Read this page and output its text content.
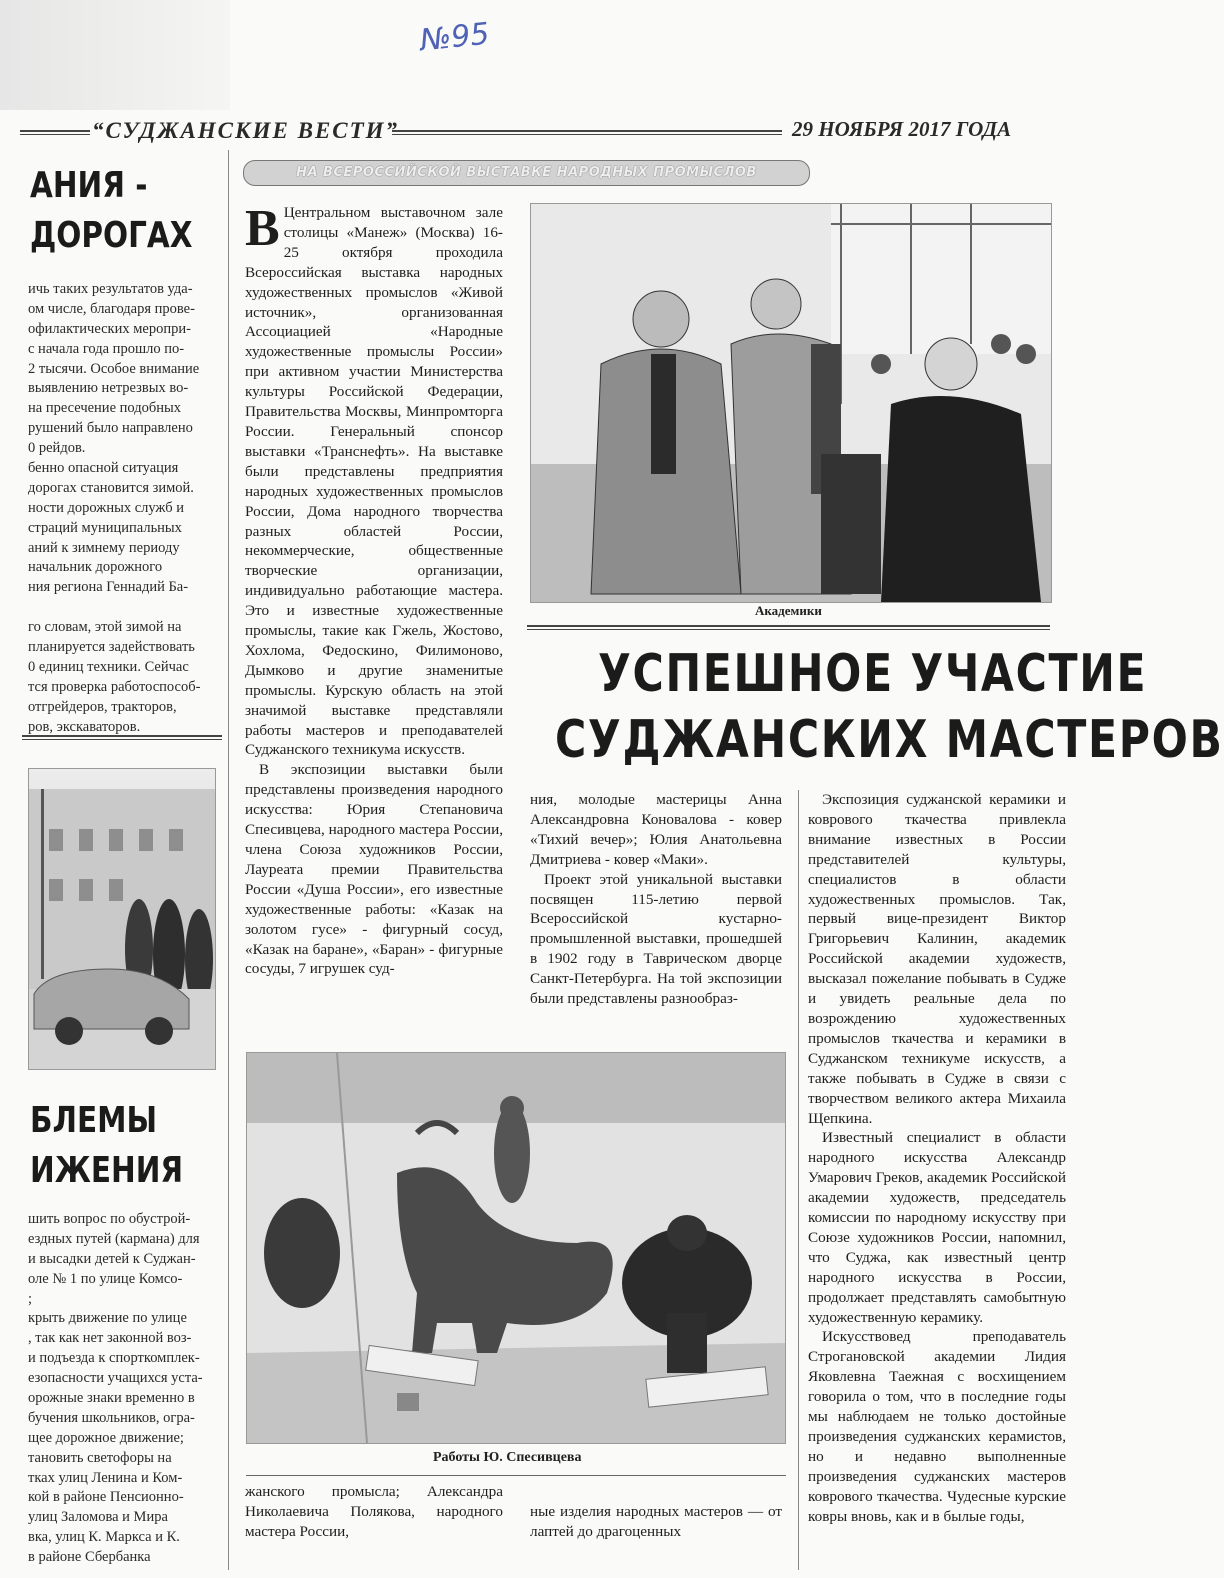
№95
“СУДЖАНСКИЕ ВЕСТИ”	29 НОЯБРЯ 2017 ГОДА
НА ВСЕРОССИЙСКОЙ ВЫСТАВКЕ НАРОДНЫХ ПРОМЫСЛОВ
АНИЯ -
ДОРОГАХ
ичь таких результатов уда-
ом числе, благодаря прове-
офилактических меропри-
с начала года прошло по-
2 тысячи. Особое внимание
выявлению нетрезвых во-
на пресечение подобных
рушений было направлено
0 рейдов.
бенно опасной ситуация
дорогах становится зимой.
ности дорожных служб и
страций муниципальных
аний к зимнему периоду
начальник дорожного
ния региона Геннадий Ба-
го словам, этой зимой на
планируется задействовать
0 единиц техники. Сейчас
тся проверка работоспособ-
отгрейдеров, тракторов,
ров, экскаваторов.
БЛЕМЫ
ИЖЕНИЯ
шить вопрос по обустрой-
ездных путей (кармана) для
и высадки детей к Суджан-
оле № 1 по улице Комсо-
;
крыть движение по улице
, так как нет законной воз-
и подъезда к спорткомплек-
езопасности учащихся уста-
орожные знаки временно в
бучения школьников, огра-
щее дорожное движение;
тановить светофоры на
тках улиц Ленина и Ком-
кой в районе Пенсионно-
улиц Заломова и Мира
вка, улиц К. Маркса и К.
в районе Сбербанка

В Центральном выставочном зале столицы «Манеж» (Москва) 16-25 октября проходила Всероссийская выставка народных художественных промыслов «Живой источник», организованная Ассоциацией «Народные художественные промыслы России» при активном участии Министерства культуры Российской Федерации, Правительства Москвы, Минпромторга России. Генеральный спонсор выставки «Транснефть». На выставке были представлены предприятия народных художественных промыслов России, Дома народного творчества разных областей России, некоммерческие, общественные творческие организации, индивидуально работающие мастера. Это и известные художественные промыслы, такие как Гжель, Жостово, Хохлома, Федоскино, Филимоново, Дымково и другие знаменитые промыслы. Курскую область на этой значимой выставке представляли работы мастеров и преподавателей Суджанского техникума искусств.

В экспозиции выставки были представлены произведения народного искусства: Юрия Степановича Спесивцева, народного мастера России, члена Союза художников России, Лауреата премии Правительства России «Душа России», его известные художественные работы: «Казак на золотом гусе» - фигурный сосуд, «Казак на баране», «Баран» - фигурные сосуды, 7 игрушек суд-

Академики
УСПЕШНОЕ УЧАСТИЕ
СУДЖАНСКИХ МАСТЕРОВ

ния, молодые мастерицы Анна Александровна Коновалова - ковер «Тихий вечер»; Юлия Анатольевна Дмитриева - ковер «Маки».

Проект этой уникальной выставки посвящен 115-летию первой Всероссийской кустарно-промышленной выставки, прошедшей в 1902 году в Таврическом дворце Санкт-Петербурга. На той экспозиции были представлены разнообраз-

Экспозиция суджанской керамики и коврового ткачества привлекла внимание известных в России представителей культуры, специалистов в области художественных промыслов. Так, первый вице-президент Виктор Григорьевич Калинин, академик Российской академии художеств, высказал пожелание побывать в Судже и увидеть реальные дела по возрождению художественных промыслов ткачества и керамики в Суджанском техникуме искусств, а также побывать в Судже в связи с творчеством великого актера Михаила Щепкина.

Известный специалист в области народного искусства Александр Умарович Греков, академик Российской академии художеств, председатель комиссии по народному искусству при Союзе художников России, напомнил, что Суджа, как известный центр народного искусства в России, продолжает представлять самобытную художественную керамику.

Искусствовед преподаватель Строгановской академии Лидия Яковлевна Таежная с восхищением говорила о том, что в последние годы мы наблюдаем не только достойные произведения суджанских керамистов, но и недавно выполненные произведения суджанских мастеров коврового ткачества. Чудесные курские ковры вновь, как и в былые годы,

Работы Ю. Спесивцева

жанского промысла; Александра Николаевича Полякова, народного мастера России,

ные изделия народных мастеров — от лаптей до драгоценных
